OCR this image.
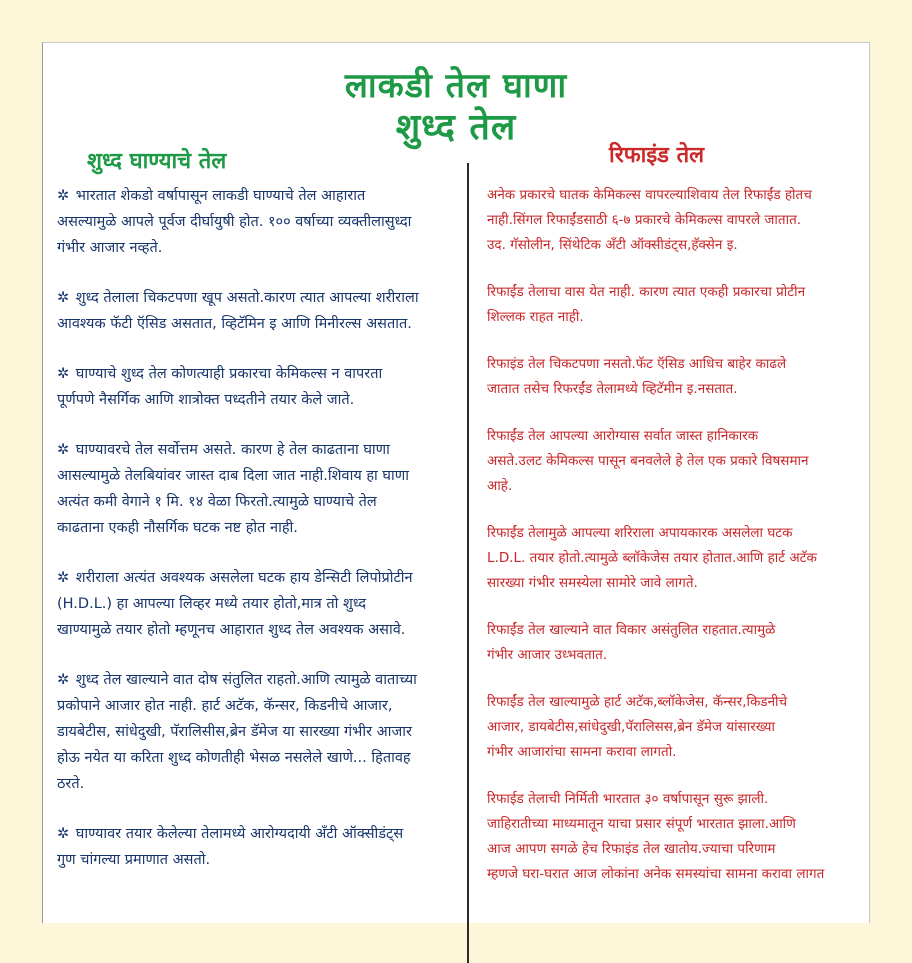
लाकडी तेल घाणा
शुध्द तेल
शुध्द घाण्याचे तेल	रिफाइंड तेल

✲ भारतात शेकडो वर्षापासून लाकडी घाण्याचे तेल आहारात
असल्यामुळे आपले पूर्वज दीर्घायुषी होत. १०० वर्षाच्या व्यक्तीलासुध्दा
गंभीर आजार नव्हते.

✲ शुध्द तेलाला चिकटपणा खूप असतो.कारण त्यात आपल्या शरीराला
आवश्यक फॅटी ऍसिड असतात, व्हिटॅमिन इ आणि मिनीरल्स असतात.

✲ घाण्याचे शुध्द तेल कोणत्याही प्रकारचा केमिकल्स न वापरता
पूर्णपणे नैसर्गिक आणि शात्रोक्त पध्दतीने तयार केले जाते.

✲ घाण्यावरचे तेल सर्वोत्तम असते. कारण हे तेल काढताना घाणा
आसल्यामुळे तेलबियांवर जास्त दाब दिला जात नाही.शिवाय हा घाणा
अत्यंत कमी वेगाने १ मि. १४ वेळा फिरतो.त्यामुळे घाण्याचे तेल
काढताना एकही नौसर्गिक घटक नष्ट होत नाही.

✲ शरीराला अत्यंत अवश्यक असलेला घटक हाय डेन्सिटी लिपोप्रोटीन
(H.D.L.) हा आपल्या लिव्हर मध्ये तयार होतो,मात्र तो शुध्द
खाण्यामुळे तयार होतो म्हणूनच आहारात शुध्द तेल अवश्यक असावे.

✲ शुध्द तेल खाल्याने वात दोष संतुलित राहतो.आणि त्यामुळे वाताच्या
प्रकोपाने आजार होत नाही. हार्ट अटॅक, कॅन्सर, किडनीचे आजार,
डायबेटीस, सांधेदुखी, पॅरालिसीस,ब्रेन डॅमेज या सारख्या गंभीर आजार
होऊ नयेत या करिता शुध्द कोणतीही भेसळ नसलेले खाणे... हितावह
ठरते.

✲ घाण्यावर तयार केलेल्या तेलामध्ये आरोग्यदायी अँटी ऑक्सीडंट्स
गुण चांगल्या प्रमाणात असतो.

अनेक प्रकारचे घातक केमिकल्स वापरल्याशिवाय तेल रिफाईंड होतच
नाही.सिंगल रिफाईंडसाठी ६-७ प्रकारचे केमिकल्स वापरले जातात.
उद. गॅसोलीन, सिंथेटिक अँटी ऑक्सीडंट्स,हॅक्सेन इ.

रिफाईंड तेलाचा वास येत नाही. कारण त्यात एकही प्रकारचा प्रोटीन
शिल्लक राहत नाही.

रिफाइंड तेल चिकटपणा नसतो.फॅट ऍसिड आधिच बाहेर काढले
जातात तसेच रिफरईंड तेलामध्ये व्हिटॅमीन इ.नसतात.

रिफाईंड तेल आपल्या आरोग्यास सर्वात जास्त हानिकारक
असते.उलट केमिकल्स पासून बनवलेले हे तेल एक प्रकारे विषसमान
आहे.

रिफाईंड तेलामुळे आपल्या शरिराला अपायकारक असलेला घटक
L.D.L. तयार होतो.त्यामुळे ब्लॉकेजेस तयार होतात.आणि हार्ट अटॅक
सारख्या गंभीर समस्येला सामोरे जावे लागते.

रिफाईंड तेल खाल्याने वात विकार असंतुलित राहतात.त्यामुळे
गंभीर आजार उध्भवतात.

रिफाईंड तेल खाल्यामुळे हार्ट अटॅक,ब्लॉकेजेस, कॅन्सर,किडनीचे
आजार, डायबेटीस,सांधेदुखी,पॅरालिसस,ब्रेन डॅमेज यांसारख्या
गंभीर आजारांचा सामना करावा लागतो.

रिफाईड तेलाची निर्मिती भारतात ३० वर्षापासून सुरू झाली.
जाहिरातीच्या माध्यमातून याचा प्रसार संपूर्ण भारतात झाला.आणि
आज आपण सगळे हेच रिफाइंड तेल खातोय.ज्याचा परिणाम
म्हणजे घरा-घरात आज लोकांना अनेक समस्यांचा सामना करावा लागत
